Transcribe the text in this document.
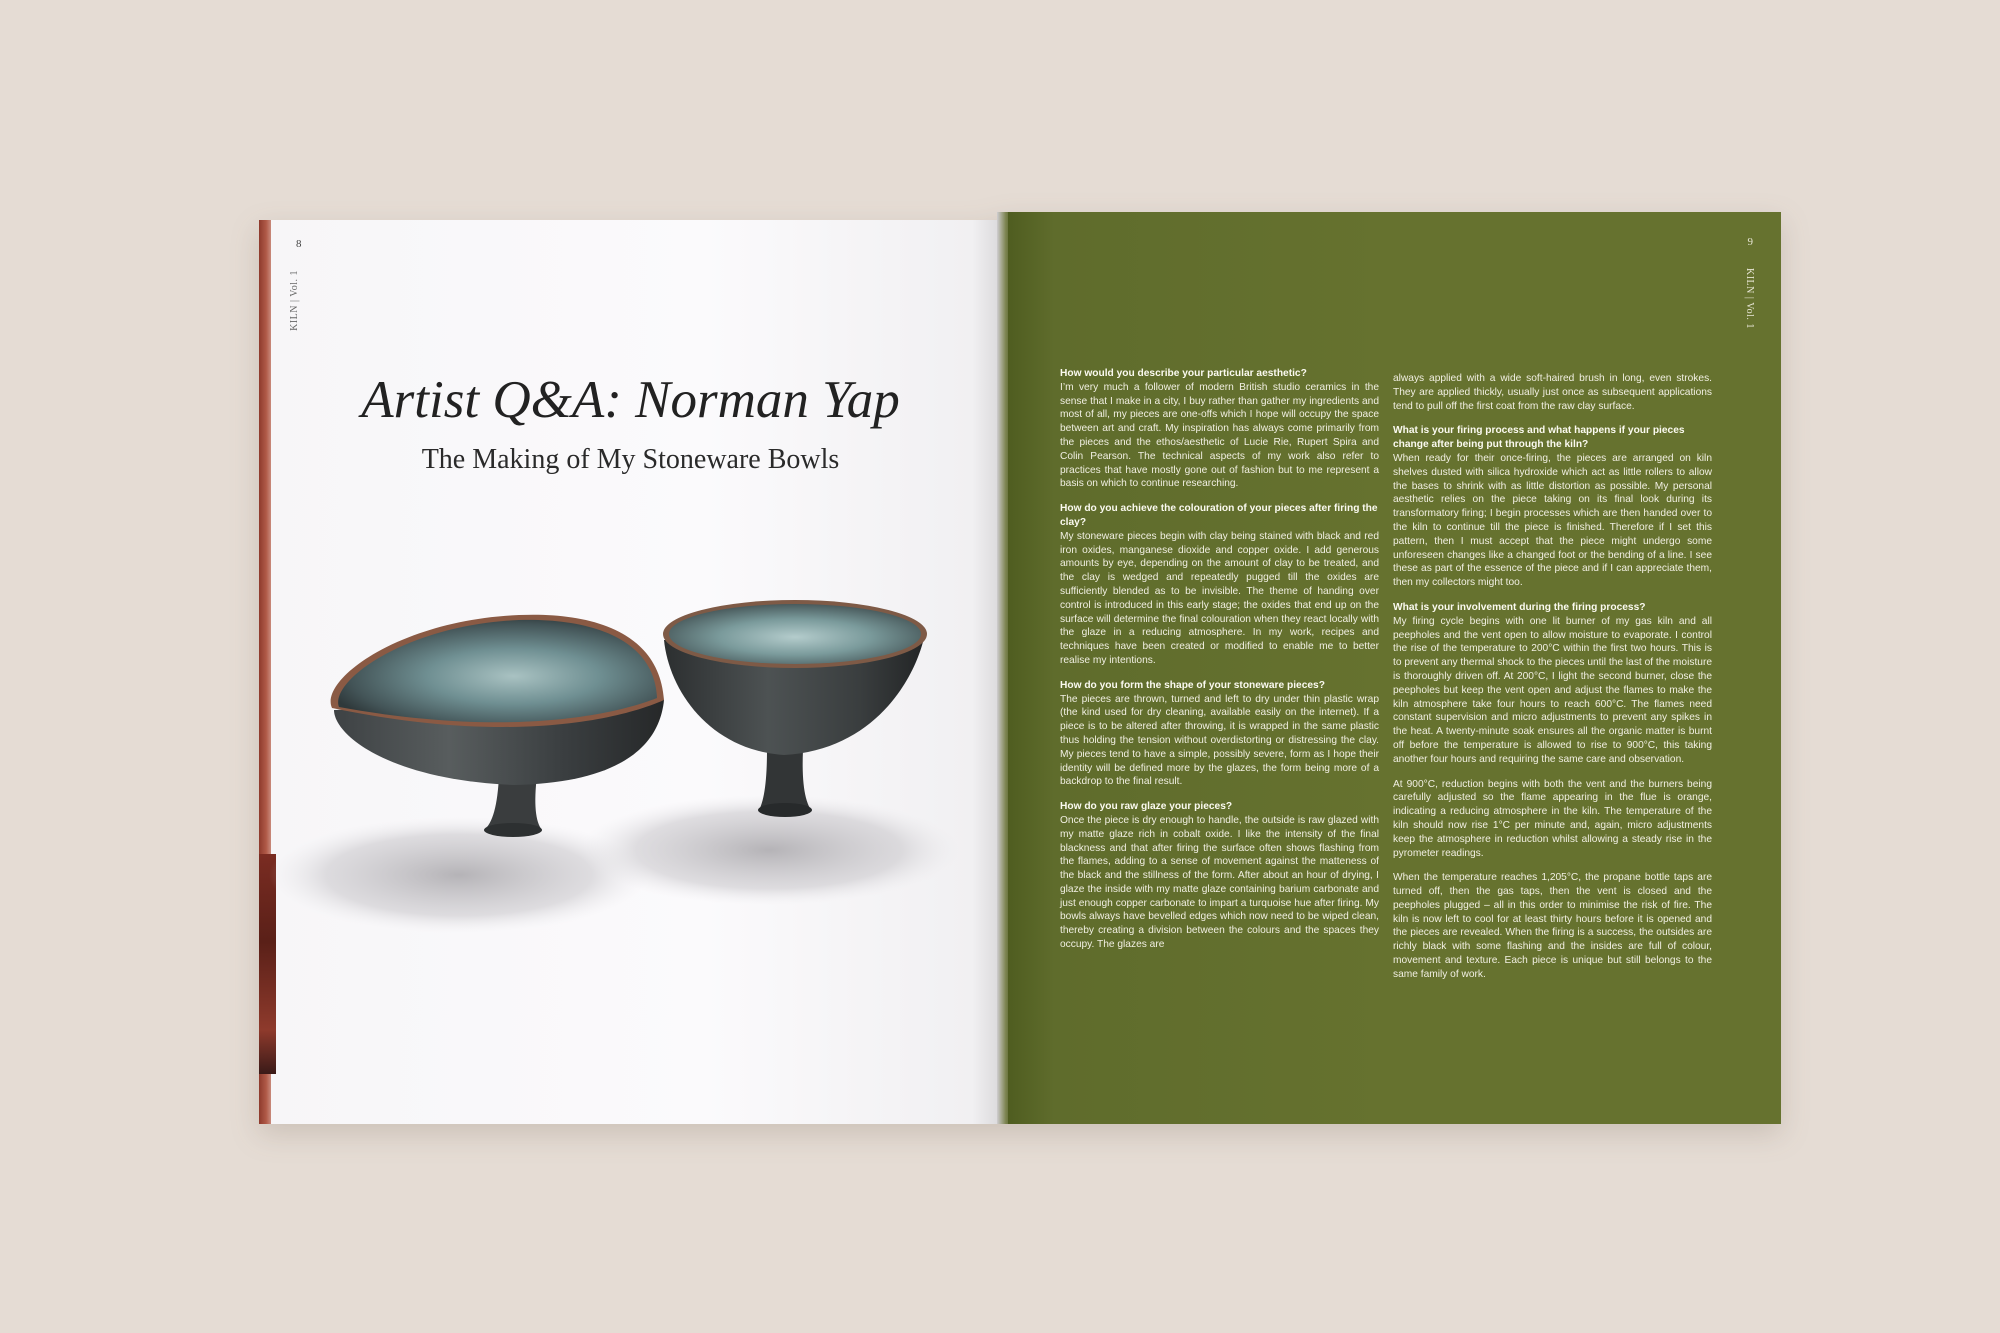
8
KILN | Vol. 1
Artist Q&A: Norman Yap
The Making of My Stoneware Bowls
9
KILN | Vol. 1

How would you describe your particular aesthetic?

I’m very much a follower of modern British studio ceramics in the sense that I make in a city, I buy rather than gather my ingredients and most of all, my pieces are one-offs which I hope will occupy the space between art and craft. My inspiration has always come primarily from the pieces and the ethos/aesthetic of Lucie Rie, Rupert Spira and Colin Pearson. The technical aspects of my work also refer to practices that have mostly gone out of fashion but to me represent a basis on which to continue researching.

How do you achieve the colouration of your pieces after firing the clay?

My stoneware pieces begin with clay being stained with black and red iron oxides, manganese dioxide and copper oxide. I add generous amounts by eye, depending on the amount of clay to be treated, and the clay is wedged and repeatedly pugged till the oxides are sufficiently blended as to be invisible. The theme of handing over control is introduced in this early stage; the oxides that end up on the surface will determine the final colouration when they react locally with the glaze in a reducing atmosphere. In my work, recipes and techniques have been created or modified to enable me to better realise my intentions.

How do you form the shape of your stoneware pieces?

The pieces are thrown, turned and left to dry under thin plastic wrap (the kind used for dry cleaning, available easily on the internet). If a piece is to be altered after throwing, it is wrapped in the same plastic thus holding the tension without overdistorting or distressing the clay. My pieces tend to have a simple, possibly severe, form as I hope their identity will be defined more by the glazes, the form being more of a backdrop to the final result.

How do you raw glaze your pieces?

Once the piece is dry enough to handle, the outside is raw glazed with my matte glaze rich in cobalt oxide. I like the intensity of the final blackness and that after firing the surface often shows flashing from the flames, adding to a sense of movement against the matteness of the black and the stillness of the form. After about an hour of drying, I glaze the inside with my matte glaze containing barium carbonate and just enough copper carbonate to impart a turquoise hue after firing. My bowls always have bevelled edges which now need to be wiped clean, thereby creating a division between the colours and the spaces they occupy. The glazes are

always applied with a wide soft-haired brush in long, even strokes. They are applied thickly, usually just once as subsequent applications tend to pull off the first coat from the raw clay surface.

What is your firing process and what happens if your pieces change after being put through the kiln?

When ready for their once-firing, the pieces are arranged on kiln shelves dusted with silica hydroxide which act as little rollers to allow the bases to shrink with as little distortion as possible. My personal aesthetic relies on the piece taking on its final look during its transformatory firing; I begin processes which are then handed over to the kiln to continue till the piece is finished. Therefore if I set this pattern, then I must accept that the piece might undergo some unforeseen changes like a changed foot or the bending of a line. I see these as part of the essence of the piece and if I can appreciate them, then my collectors might too.

What is your involvement during the firing process?

My firing cycle begins with one lit burner of my gas kiln and all peepholes and the vent open to allow moisture to evaporate. I control the rise of the temperature to 200°C within the first two hours. This is to prevent any thermal shock to the pieces until the last of the moisture is thoroughly driven off. At 200°C, I light the second burner, close the peepholes but keep the vent open and adjust the flames to make the kiln atmosphere take four hours to reach 600°C. The flames need constant supervision and micro adjustments to prevent any spikes in the heat. A twenty-minute soak ensures all the organic matter is burnt off before the temperature is allowed to rise to 900°C, this taking another four hours and requiring the same care and observation.

At 900°C, reduction begins with both the vent and the burners being carefully adjusted so the flame appearing in the flue is orange, indicating a reducing atmosphere in the kiln. The temperature of the kiln should now rise 1°C per minute and, again, micro adjustments keep the atmosphere in reduction whilst allowing a steady rise in the pyrometer readings.

When the temperature reaches 1,205°C, the propane bottle taps are turned off, then the gas taps, then the vent is closed and the peepholes plugged – all in this order to minimise the risk of fire. The kiln is now left to cool for at least thirty hours before it is opened and the pieces are revealed. When the firing is a success, the outsides are richly black with some flashing and the insides are full of colour, movement and texture. Each piece is unique but still belongs to the same family of work.
